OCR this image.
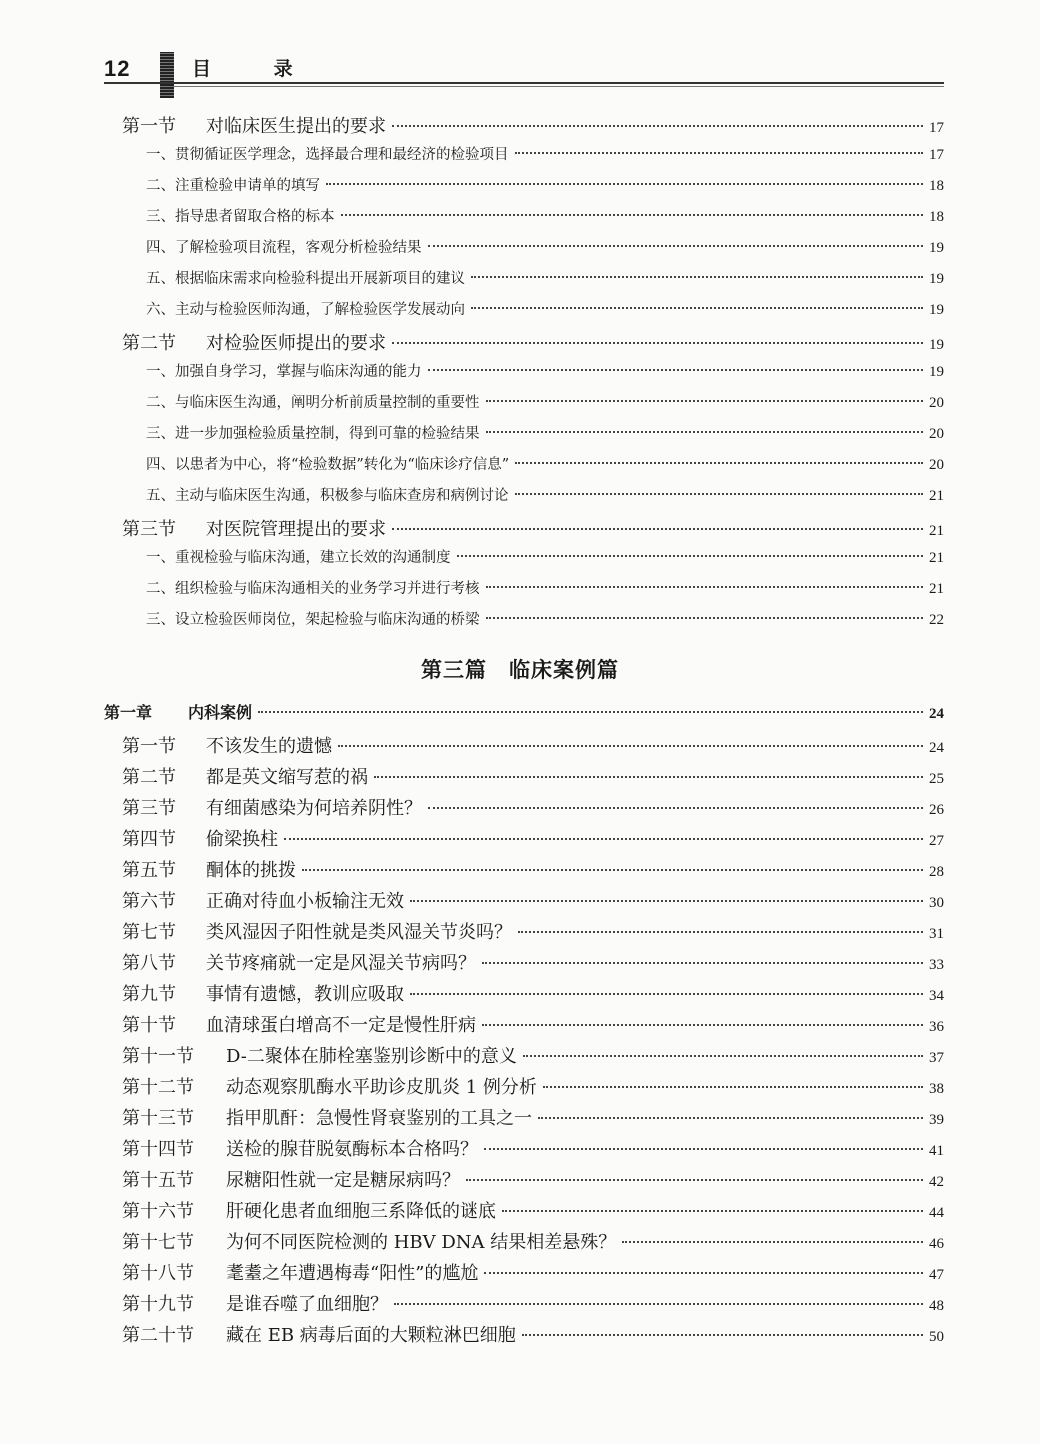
12	目 录
第三篇　临床案例篇
第一节	对临床医生提出的要求	17
一、贯彻循证医学理念，选择最合理和最经济的检验项目	17
二、注重检验申请单的填写	18
三、指导患者留取合格的标本	18
四、了解检验项目流程，客观分析检验结果	19
五、根据临床需求向检验科提出开展新项目的建议	19
六、主动与检验医师沟通，了解检验医学发展动向	19
第二节	对检验医师提出的要求	19
一、加强自身学习，掌握与临床沟通的能力	19
二、与临床医生沟通，阐明分析前质量控制的重要性	20
三、进一步加强检验质量控制，得到可靠的检验结果	20
四、以患者为中心，将“检验数据”转化为“临床诊疗信息”	20
五、主动与临床医生沟通，积极参与临床查房和病例讨论	21
第三节	对医院管理提出的要求	21
一、重视检验与临床沟通，建立长效的沟通制度	21
二、组织检验与临床沟通相关的业务学习并进行考核	21
三、设立检验医师岗位，架起检验与临床沟通的桥梁	22
第一章	内科案例	24
第一节	不该发生的遗憾	24
第二节	都是英文缩写惹的祸	25
第三节	有细菌感染为何培养阴性？	26
第四节	偷梁换柱	27
第五节	酮体的挑拨	28
第六节	正确对待血小板输注无效	30
第七节	类风湿因子阳性就是类风湿关节炎吗？	31
第八节	关节疼痛就一定是风湿关节病吗？	33
第九节	事情有遗憾，教训应吸取	34
第十节	血清球蛋白增高不一定是慢性肝病	36
第十一节	D-二聚体在肺栓塞鉴别诊断中的意义	37
第十二节	动态观察肌酶水平助诊皮肌炎 1 例分析	38
第十三节	指甲肌酐：急慢性肾衰鉴别的工具之一	39
第十四节	送检的腺苷脱氨酶标本合格吗？	41
第十五节	尿糖阳性就一定是糖尿病吗？	42
第十六节	肝硬化患者血细胞三系降低的谜底	44
第十七节	为何不同医院检测的 HBV DNA 结果相差悬殊？	46
第十八节	耄耋之年遭遇梅毒“阳性”的尴尬	47
第十九节	是谁吞噬了血细胞？	48
第二十节	藏在 EB 病毒后面的大颗粒淋巴细胞	50
